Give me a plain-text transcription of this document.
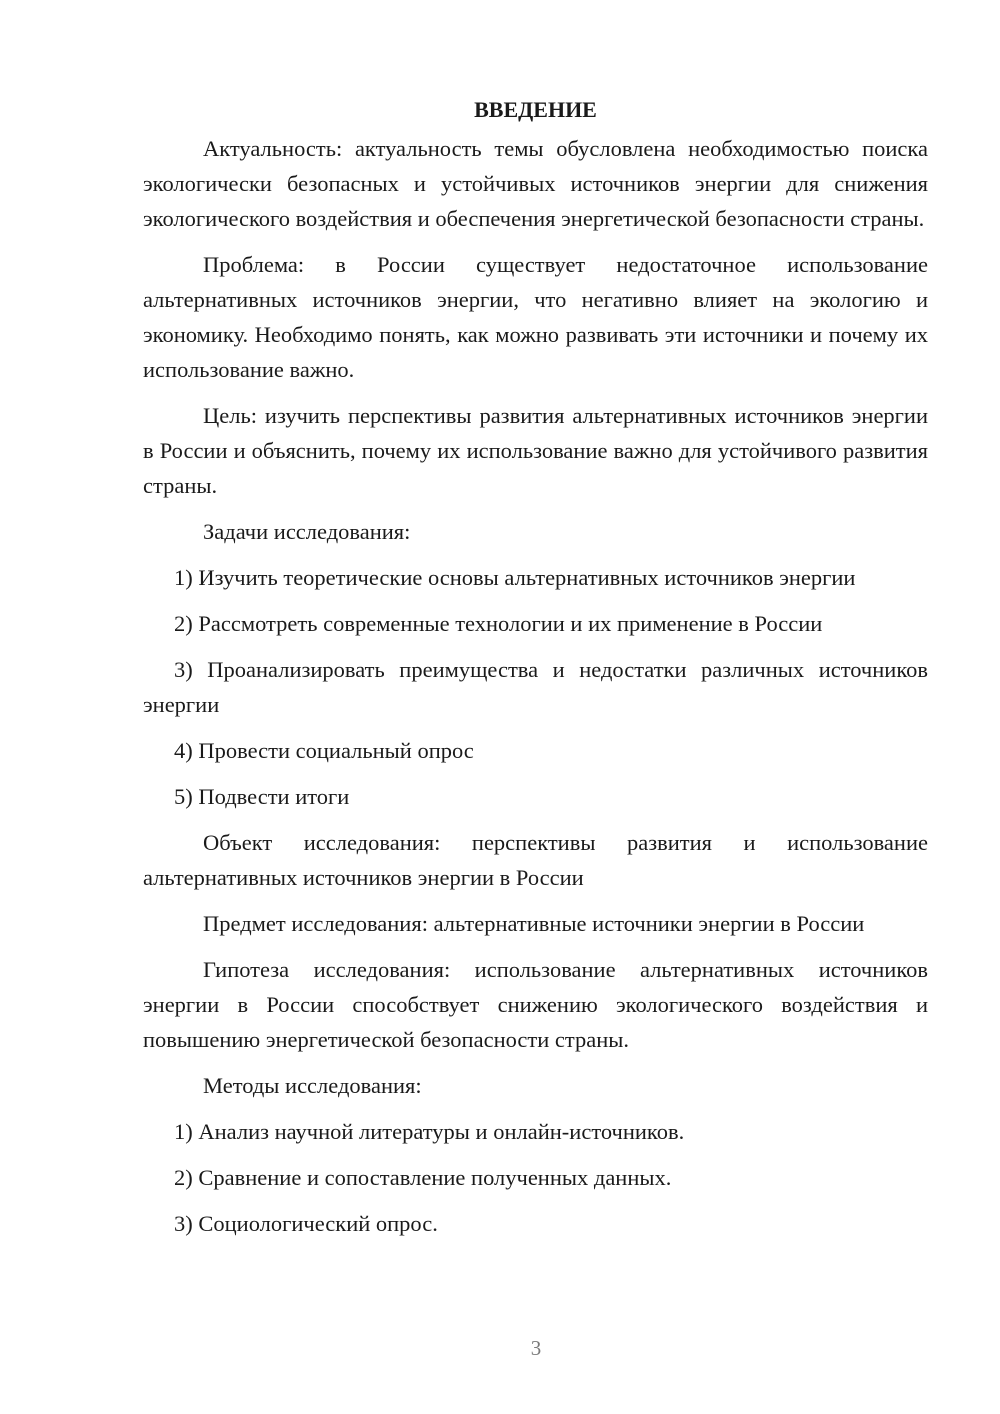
ВВЕДЕНИЕ

Актуальность: актуальность темы обусловлена необходимостью поиска экологически безопасных и устойчивых источников энергии для снижения экологического воздействия и обеспечения энергетической безопасности страны.

Проблема: в России существует недостаточное использование альтернативных источников энергии, что негативно влияет на экологию и экономику. Необходимо понять, как можно развивать эти источники и почему их использование важно.

Цель: изучить перспективы развития альтернативных источников энергии в России и объяснить, почему их использование важно для устойчивого развития страны.

Задачи исследования:

1) Изучить теоретические основы альтернативных источников энергии

2) Рассмотреть современные технологии и их применение в России

3) Проанализировать преимущества и недостатки различных источников энергии

4) Провести социальный опрос

5) Подвести итоги

Объект исследования: перспективы развития и использование альтернативных источников энергии в России

Предмет исследования: альтернативные источники энергии в России

Гипотеза исследования: использование альтернативных источников энергии в России способствует снижению экологического воздействия и повышению энергетической безопасности страны.

Методы исследования:

1) Анализ научной литературы и онлайн-источников.

2) Сравнение и сопоставление полученных данных.

3) Социологический опрос.

3
